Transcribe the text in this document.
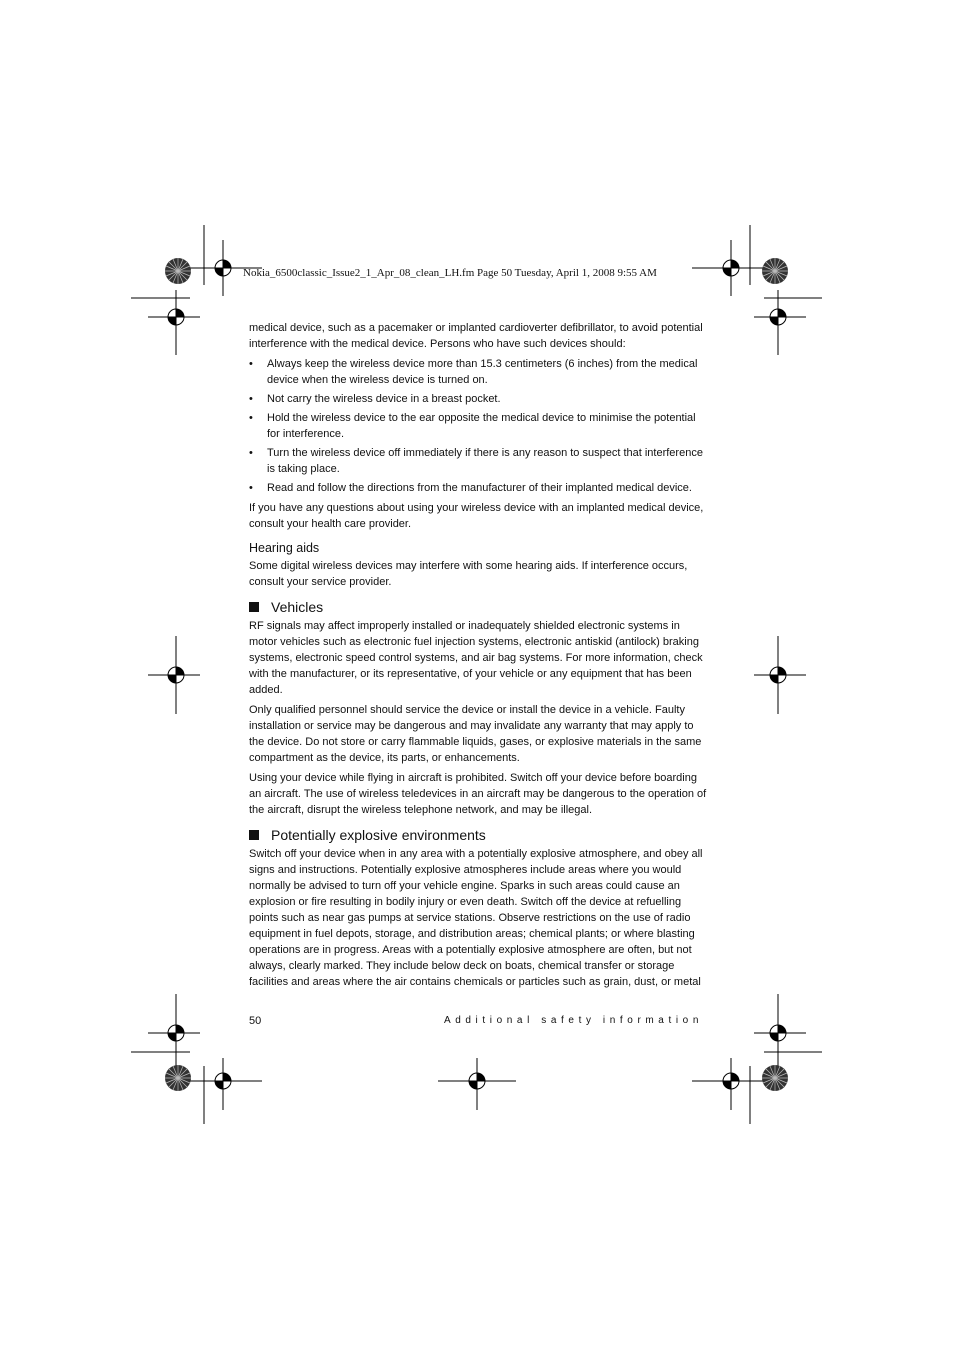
Nokia_6500classic_Issue2_1_Apr_08_clean_LH.fm Page 50 Tuesday, April 1, 2008 9:55 AM

medical device, such as a pacemaker or implanted cardioverter defibrillator, to avoid potential interference with the medical device. Persons who have such devices should:

• Always keep the wireless device more than 15.3 centimeters (6 inches) from the medical device when the wireless device is turned on.
• Not carry the wireless device in a breast pocket.
• Hold the wireless device to the ear opposite the medical device to minimise the potential for interference.
• Turn the wireless device off immediately if there is any reason to suspect that interference is taking place.
• Read and follow the directions from the manufacturer of their implanted medical device.

If you have any questions about using your wireless device with an implanted medical device, consult your health care provider.

Hearing aids

Some digital wireless devices may interfere with some hearing aids. If interference occurs, consult your service provider.

Vehicles

RF signals may affect improperly installed or inadequately shielded electronic systems in motor vehicles such as electronic fuel injection systems, electronic antiskid (antilock) braking systems, electronic speed control systems, and air bag systems. For more information, check with the manufacturer, or its representative, of your vehicle or any equipment that has been added.

Only qualified personnel should service the device or install the device in a vehicle. Faulty installation or service may be dangerous and may invalidate any warranty that may apply to the device. Do not store or carry flammable liquids, gases, or explosive materials in the same compartment as the device, its parts, or enhancements.

Using your device while flying in aircraft is prohibited. Switch off your device before boarding an aircraft. The use of wireless teledevices in an aircraft may be dangerous to the operation of the aircraft, disrupt the wireless telephone network, and may be illegal.

Potentially explosive environments

Switch off your device when in any area with a potentially explosive atmosphere, and obey all signs and instructions. Potentially explosive atmospheres include areas where you would normally be advised to turn off your vehicle engine. Sparks in such areas could cause an explosion or fire resulting in bodily injury or even death. Switch off the device at refuelling points such as near gas pumps at service stations. Observe restrictions on the use of radio equipment in fuel depots, storage, and distribution areas; chemical plants; or where blasting operations are in progress. Areas with a potentially explosive atmosphere are often, but not always, clearly marked. They include below deck on boats, chemical transfer or storage facilities and areas where the air contains chemicals or particles such as grain, dust, or metal

50	Additional safety information
